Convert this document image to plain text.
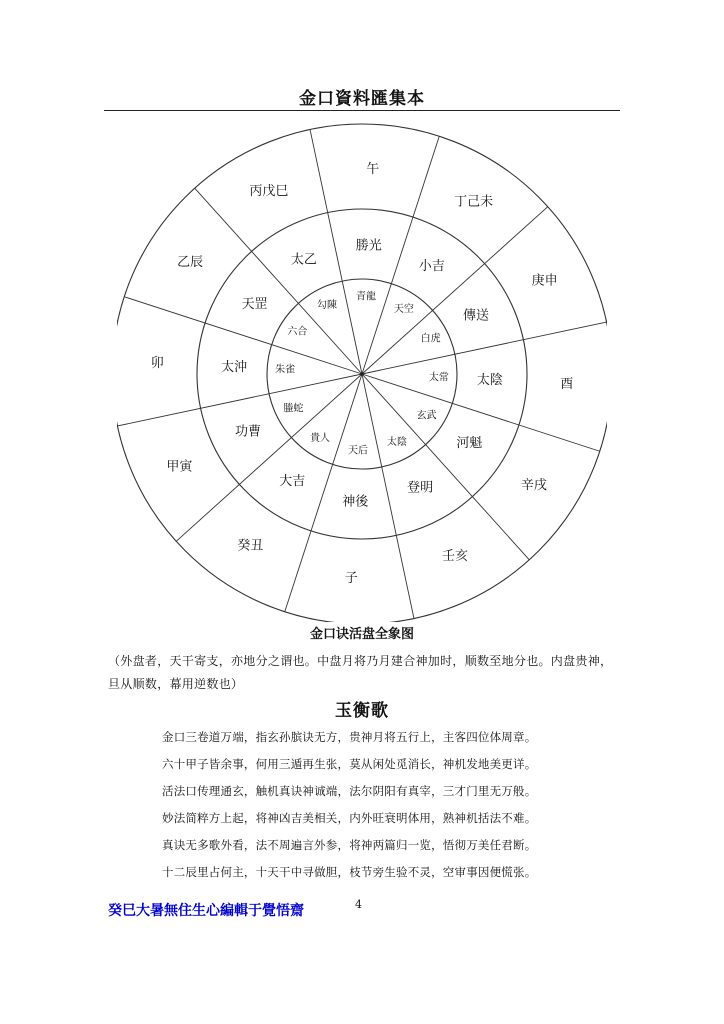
金口資料匯集本
午
丁己未
庚申
酉
辛戌
壬亥
子
癸丑
甲寅
卯
乙辰
丙戊巳
勝光
小吉
傳送
太陰
河魁
登明
神後
大吉
功曹
太沖
天罡
太乙
青龍
天空
白虎
太常
玄武
太陰
天后
貴人
螣蛇
朱雀
六合
勾陳
金口诀活盘全象图
（外盘者，天干寄支，亦地分之谓也。中盘月将乃月建合神加时，顺数至地分也。内盘贵神，旦从顺数，幕用逆数也）
玉衡歌
金口三卷道万端，指玄孙膑诀无方，贵神月将五行上，主客四位体周章。
六十甲子皆余事，何用三遁再生张，莫从闲处觅消长，神机发地美更详。
活法口传理通玄，触机真诀神诚端，法尔阴阳有真宰，三才门里无万般。
妙法简粹方上起，将神凶吉美相关，内外旺衰明体用，熟神机括法不难。
真诀无多歌外看，法不周遍言外参，将神两篇归一览，悟彻万美任君断。
十二辰里占何主，十天干中寻做胆，枝节旁生验不灵，空审事因便慌张。
癸巳大暑無住生心編輯于覺悟齋	4
